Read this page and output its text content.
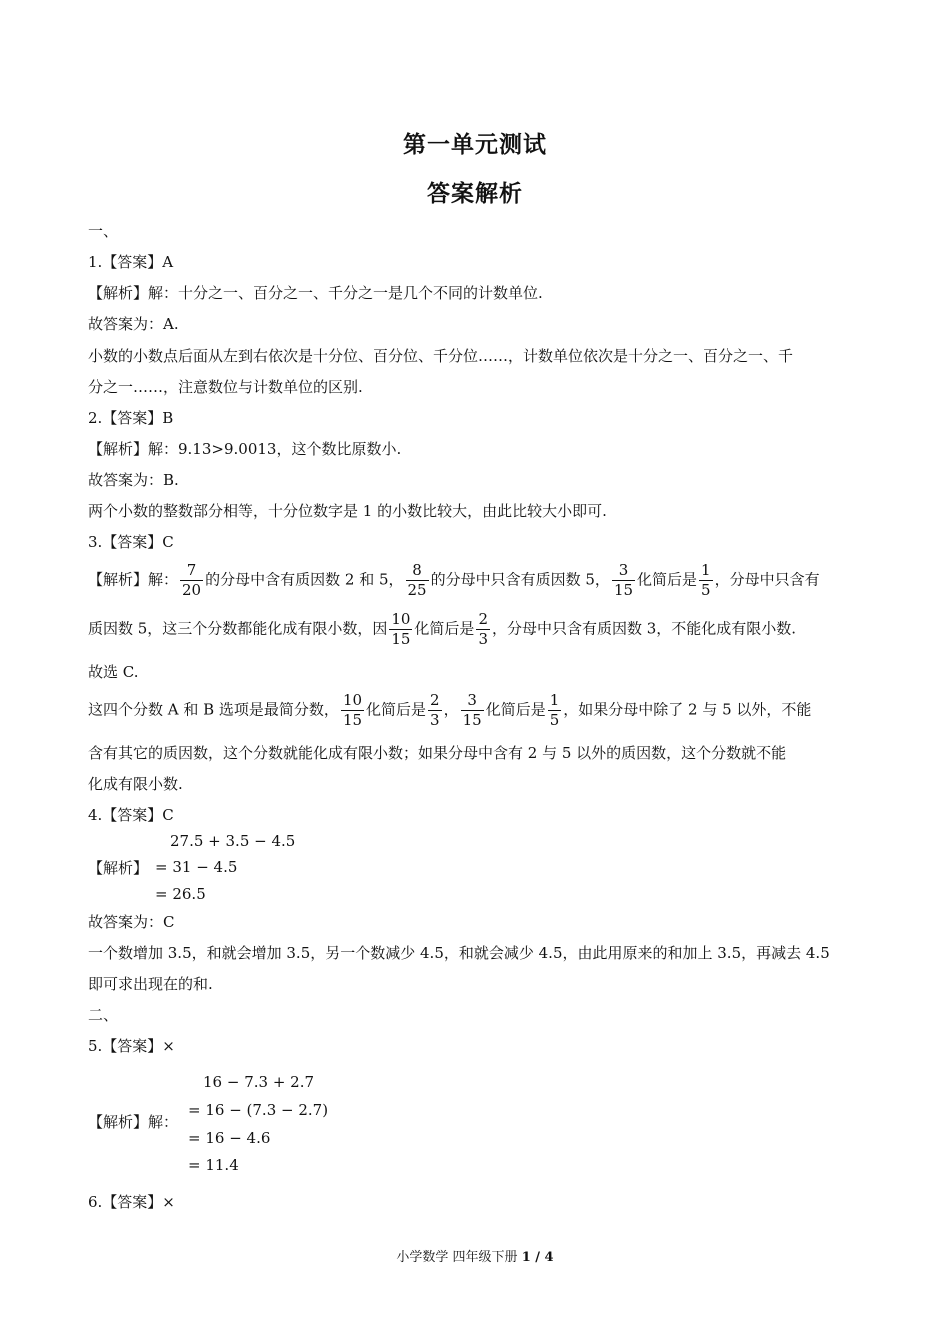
第一单元测试
答案解析
一、
1.【答案】A
【解析】解：十分之一、百分之一、千分之一是几个不同的计数单位.
故答案为：A.
小数的小数点后面从左到右依次是十分位、百分位、千分位……，计数单位依次是十分之一、百分之一、千
分之一……，注意数位与计数单位的区别.
2.【答案】B
【解析】解：9.13>9.0013，这个数比原数小.
故答案为：B.
两个小数的整数部分相等，十分位数字是 1 的小数比较大，由此比较大小即可.
3.【答案】C
【解析】解： $\frac{7}{20}$ 的分母中含有质因数 2 和 5， $\frac{8}{25}$ 的分母中只含有质因数 5， $\frac{3}{15}$ 化简后是 $\frac{1}{5}$ ，分母中只含有
质因数 5，这三个分数都能化成有限小数，因 $\frac{10}{15}$ 化简后是 $\frac{2}{3}$ ，分母中只含有质因数 3，不能化成有限小数.
故选 C.
这四个分数 A 和 B 选项是最简分数， $\frac{10}{15}$ 化简后是 $\frac{2}{3}$ ， $\frac{3}{15}$ 化简后是 $\frac{1}{5}$ ，如果分母中除了 2 与 5 以外，不能
含有其它的质因数，这个分数就能化成有限小数；如果分母中含有 2 与 5 以外的质因数，这个分数就不能
化成有限小数.
4.【答案】C
27.5 + 3.5 − 4.5
【解析】 = 31 − 4.5
= 26.5
故答案为：C
一个数增加 3.5，和就会增加 3.5，另一个数减少 4.5，和就会减少 4.5，由此用原来的和加上 3.5，再减去 4.5
即可求出现在的和.
二、
5.【答案】×
16 − 7.3 + 2.7
= 16 − (7.3 − 2.7)
【解析】解：
= 16 − 4.6
= 11.4
6.【答案】×
小学数学 四年级下册 1 / 4
